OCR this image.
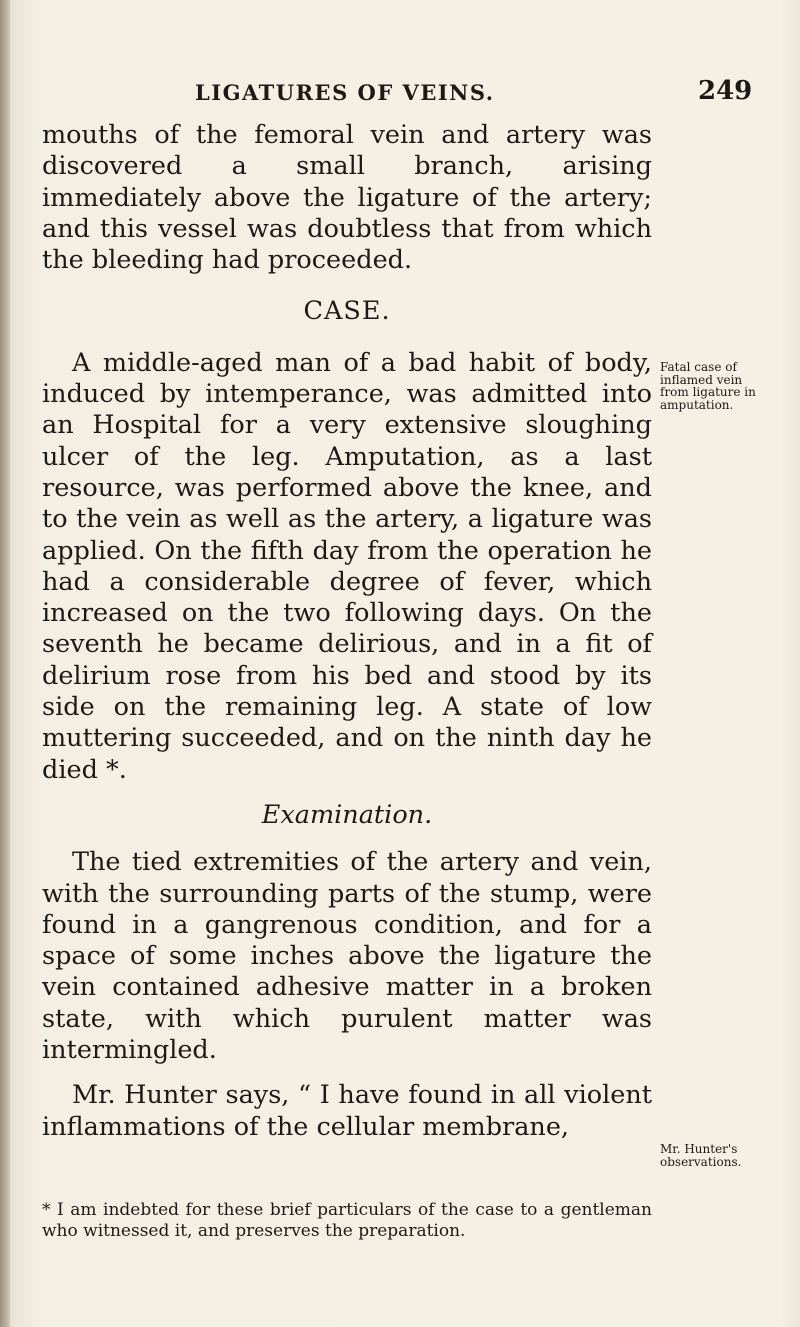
LIGATURES OF VEINS.	249

mouths of the femoral vein and artery was discovered a small branch, arising immediately above the ligature of the artery; and this vessel was doubtless that from which the bleeding had proceeded.

CASE.

A middle-aged man of a bad habit of body, induced by intemperance, was admitted into an Hospital for a very extensive sloughing ulcer of the leg. Amputation, as a last resource, was performed above the knee, and to the vein as well as the artery, a ligature was applied. On the fifth day from the operation he had a considerable degree of fever, which increased on the two following days. On the seventh he became delirious, and in a fit of delirium rose from his bed and stood by its side on the remaining leg. A state of low muttering succeeded, and on the ninth day he died *.

Examination.

The tied extremities of the artery and vein, with the surrounding parts of the stump, were found in a gangrenous condition, and for a space of some inches above the ligature the vein contained adhesive matter in a broken state, with which purulent matter was intermingled.

Mr. Hunter says, “ I have found in all violent inflammations of the cellular membrane,

Fatal case of inflamed vein from ligature in amputation.
Mr. Hunter's observations.
* I am indebted for these brief particulars of the case to a gentleman who witnessed it, and preserves the preparation.
